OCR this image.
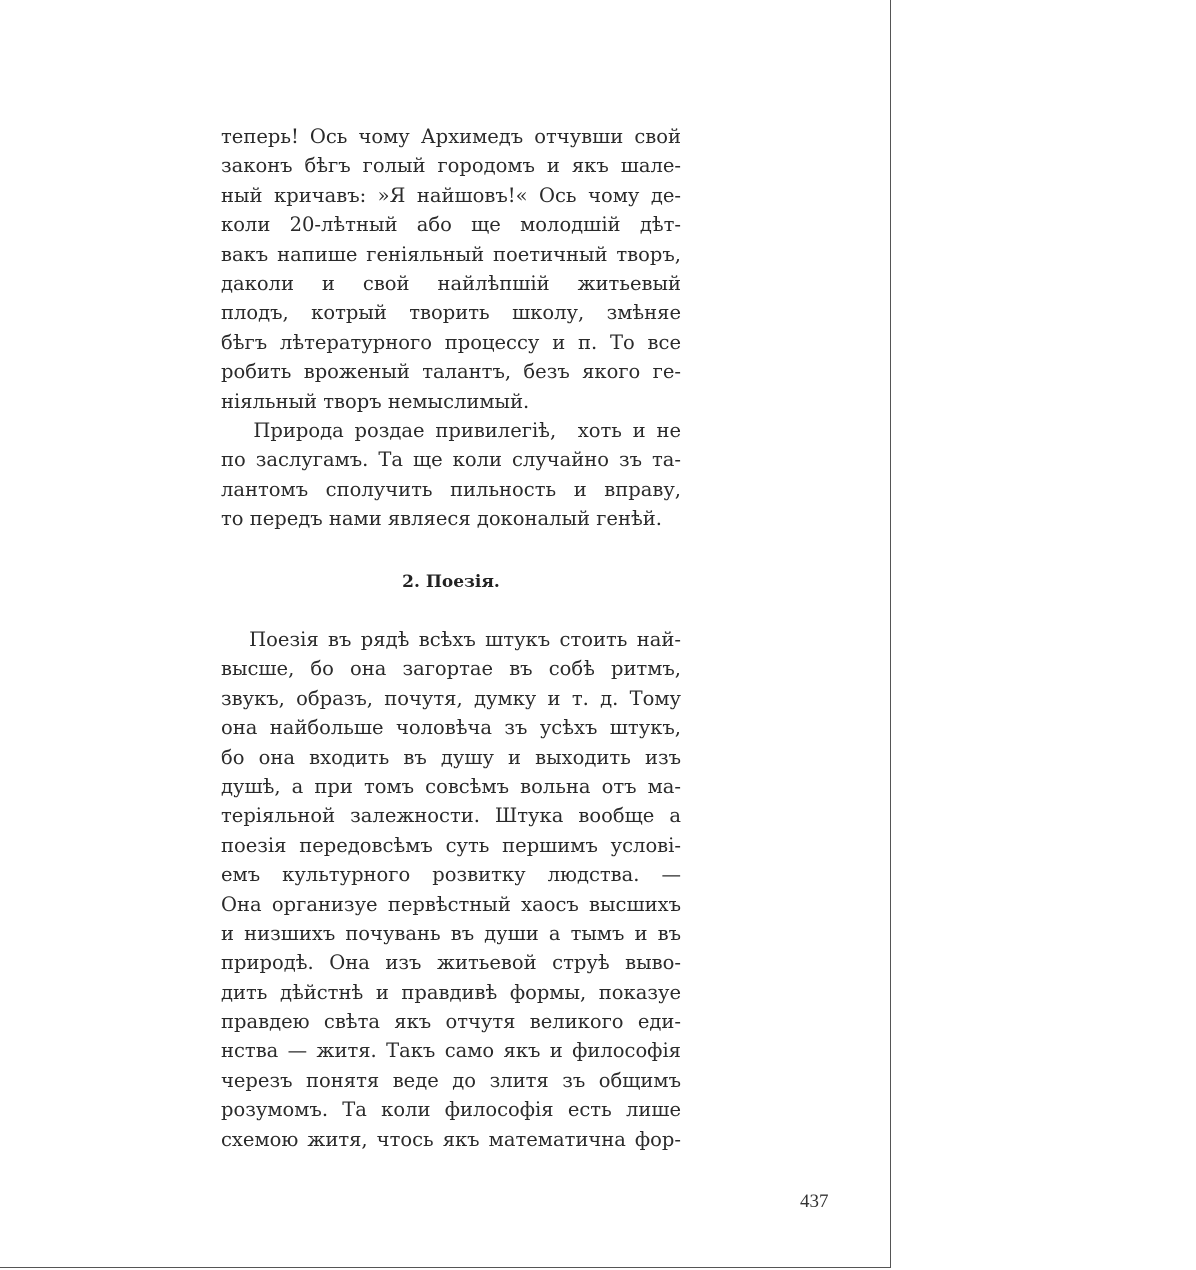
теперь! Ось чому Архимедъ отчувши свой
законъ бѣгъ голый городомъ и якъ шале-
ный кричавъ: »Я найшовъ!« Ось чому де-
коли 20-лѣтный або ще молодшій дѣт-
вакъ напише геніяльный поетичный творъ,
даколи и свой найлѣпшій житьевый
плодъ, котрый творить школу, змѣняе
бѣгъ лѣтературного процессу и п. То все
робить вроженый талантъ, безъ якого ге-
ніяльный творъ немыслимый.
Природа роздае привилегіѣ,  хоть и не
по заслугамъ. Та ще коли случайно зъ та-
лантомъ сполучить пильность и вправу,
то передъ нами являеся доконалый генѣй.
2. Поезія.
Поезія въ рядѣ всѣхъ штукъ стоить най-
высше, бо она загортае въ собѣ ритмъ,
звукъ, образъ, почутя, думку и т. д. Тому
она найбольше чоловѣча зъ усѣхъ штукъ,
бо она входить въ душу и выходить изъ
душѣ, а при томъ совсѣмъ вольна отъ ма-
теріяльной залежности. Штука вообще а
поезія передовсѣмъ суть першимъ услові-
емъ культурного розвитку людства. —
Она организуе первѣстный хаосъ высшихъ
и низшихъ почувань въ души а тымъ и въ
природѣ. Она изъ житьевой струѣ выво-
дить дѣйстнѣ и правдивѣ формы, показуе
правдею свѣта якъ отчутя великого еди-
нства — житя. Такъ само якъ и философія
черезъ понятя веде до злитя зъ общимъ
розумомъ. Та коли философія есть лише
схемою житя, чтось якъ математична фор-
437
